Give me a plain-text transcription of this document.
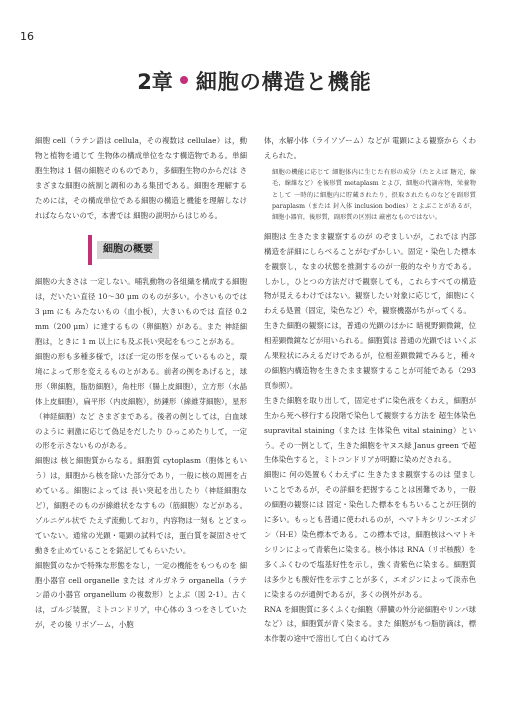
16
2章 細胞の構造と機能

細胞 cell（ラテン語は cellula，その複数は cellulae）は，動物と植物を通じて 生物体の構成単位をなす構造物である。単細胞生物は 1 個の細胞そのものであり，多細胞生物のからだは さまざまな細胞の統制と調和のある集団である。細胞を理解するためには，その構成単位である細胞の構造と機能を理解しなければならないので，本書では 細胞の説明からはじめる。

細胞の概要

細胞の大きさは 一定しない。哺乳動物の各組織を構成する細胞は，だいたい直径 10～30 μm のものが多い。小さいものでは 3 μm にも みたないもの（血小板），大きいものでは 直径 0.2 mm（200 μm）に達するもの（卵細胞）がある。また 神経細胞は，ときに 1 m 以上にも及ぶ長い突起をもつことがある。

細胞の形も多種多様で，ほぼ一定の形を保っているものと，環境によって形を変えるものとがある。前者の例をあげると，球形（卵細胞，脂肪細胞），角柱形（腸上皮細胞），立方形（水晶体上皮細胞），扁平形（内皮細胞），紡錘形（線維芽細胞），星形（神経細胞）など さまざまである。後者の例としては，白血球のように 刺激に応じて偽足をだしたり ひっこめたりして，一定の形を示さないものがある。

細胞は 核と細胞質からなる。細胞質 cytoplasm（胞体ともいう）は，細胞から核を除いた部分であり，一般に核の周囲を占めている。細胞によっては 長い突起を出したり（神経細胞など），細胞そのものが線維状をなすもの（筋細胞）などがある。ゾルニゲル状で たえず流動しており，内容物は一刻も とどまっていない。通常の光顕・電顕の試料では，蛋白質を凝固させて 動きを止めていることを銘記してもらいたい。

細胞質のなかで特殊な形態をなし，一定の機能をもつものを 細胞小器官 cell organelle または オルガネラ organella（ラテン語の小器官 organellum の複数形）とよぶ（図 2-1）。古くは，ゴルジ装置，ミトコンドリア，中心体の 3 つをさしていたが，その後 リボゾーム，小胞

体，水解小体（ライソゾーム）などが 電顕による観察から くわえられた。

細胞の機能に応じて 細胞体内に生じた有形の成分（たとえば 糖元，線毛，線維など）を後形質 metaplasm とよび，細胞の代謝産物，栄養物として 一時的に細胞内に貯蔵されたり，摂取されたものなどを副形質 paraplasm（または 封入体 inclusion bodies）とよぶことがあるが，細胞小器官，後形質，副形質の区別は 厳密なものではない。

細胞は 生きたまま観察するのが のぞましいが，これでは 内部構造を詳細にしらべることがむずかしい。固定・染色した標本を観察し，なまの状態を推測するのが一般的なやり方である。しかし，ひとつの方法だけで観察しても，これらすべての構造物が見えるわけではない。観察したい対象に応じて，細胞にくわえる処置（固定，染色など）や，観察機器がちがってくる。

生きた細胞の観察には，普通の光顕のほかに 暗視野顕微鏡，位相差顕微鏡などが用いられる。細胞質は 普通の光顕では いくぶん果粒状にみえるだけであるが，位相差顕微鏡でみると，種々の細胞内構造物を生きたまま観察することが可能である（293 頁参照）。

生きた細胞を取り出して，固定せずに染色液をくわえ，細胞が生から死へ移行する段階で染色して観察する方法を 超生体染色 supravital staining（または 生体染色 vital staining）という。その一例として，生きた細胞をヤヌス緑 Janus green で超生体染色すると，ミトコンドリアが明瞭に染めだされる。

細胞に 何の処置もくわえずに 生きたまま観察するのは 望ましいことであるが，その詳細を把握することは困難であり，一般の細胞の観察には 固定・染色した標本をもちいることが圧倒的に多い。もっとも普通に使われるのが，ヘマトキシリン-エオジン（H-E）染色標本である。この標本では，細胞核はヘマトキシリンによって青紫色に染まる。核小体は RNA（リボ核酸）を多くふくむので塩基好性を示し，強く青紫色に染まる。細胞質は多少とも酸好性を示すことが多く，エオジンによって淡赤色に染まるのが通例であるが，多くの例外がある。

RNA を細胞質に多くふくむ細胞（膵臓の外分泌細胞やリンパ球など）は，細胞質が青く染まる。また 細胞がもつ脂肪滴は，標本作製の途中で溶出して白くぬけてみ
